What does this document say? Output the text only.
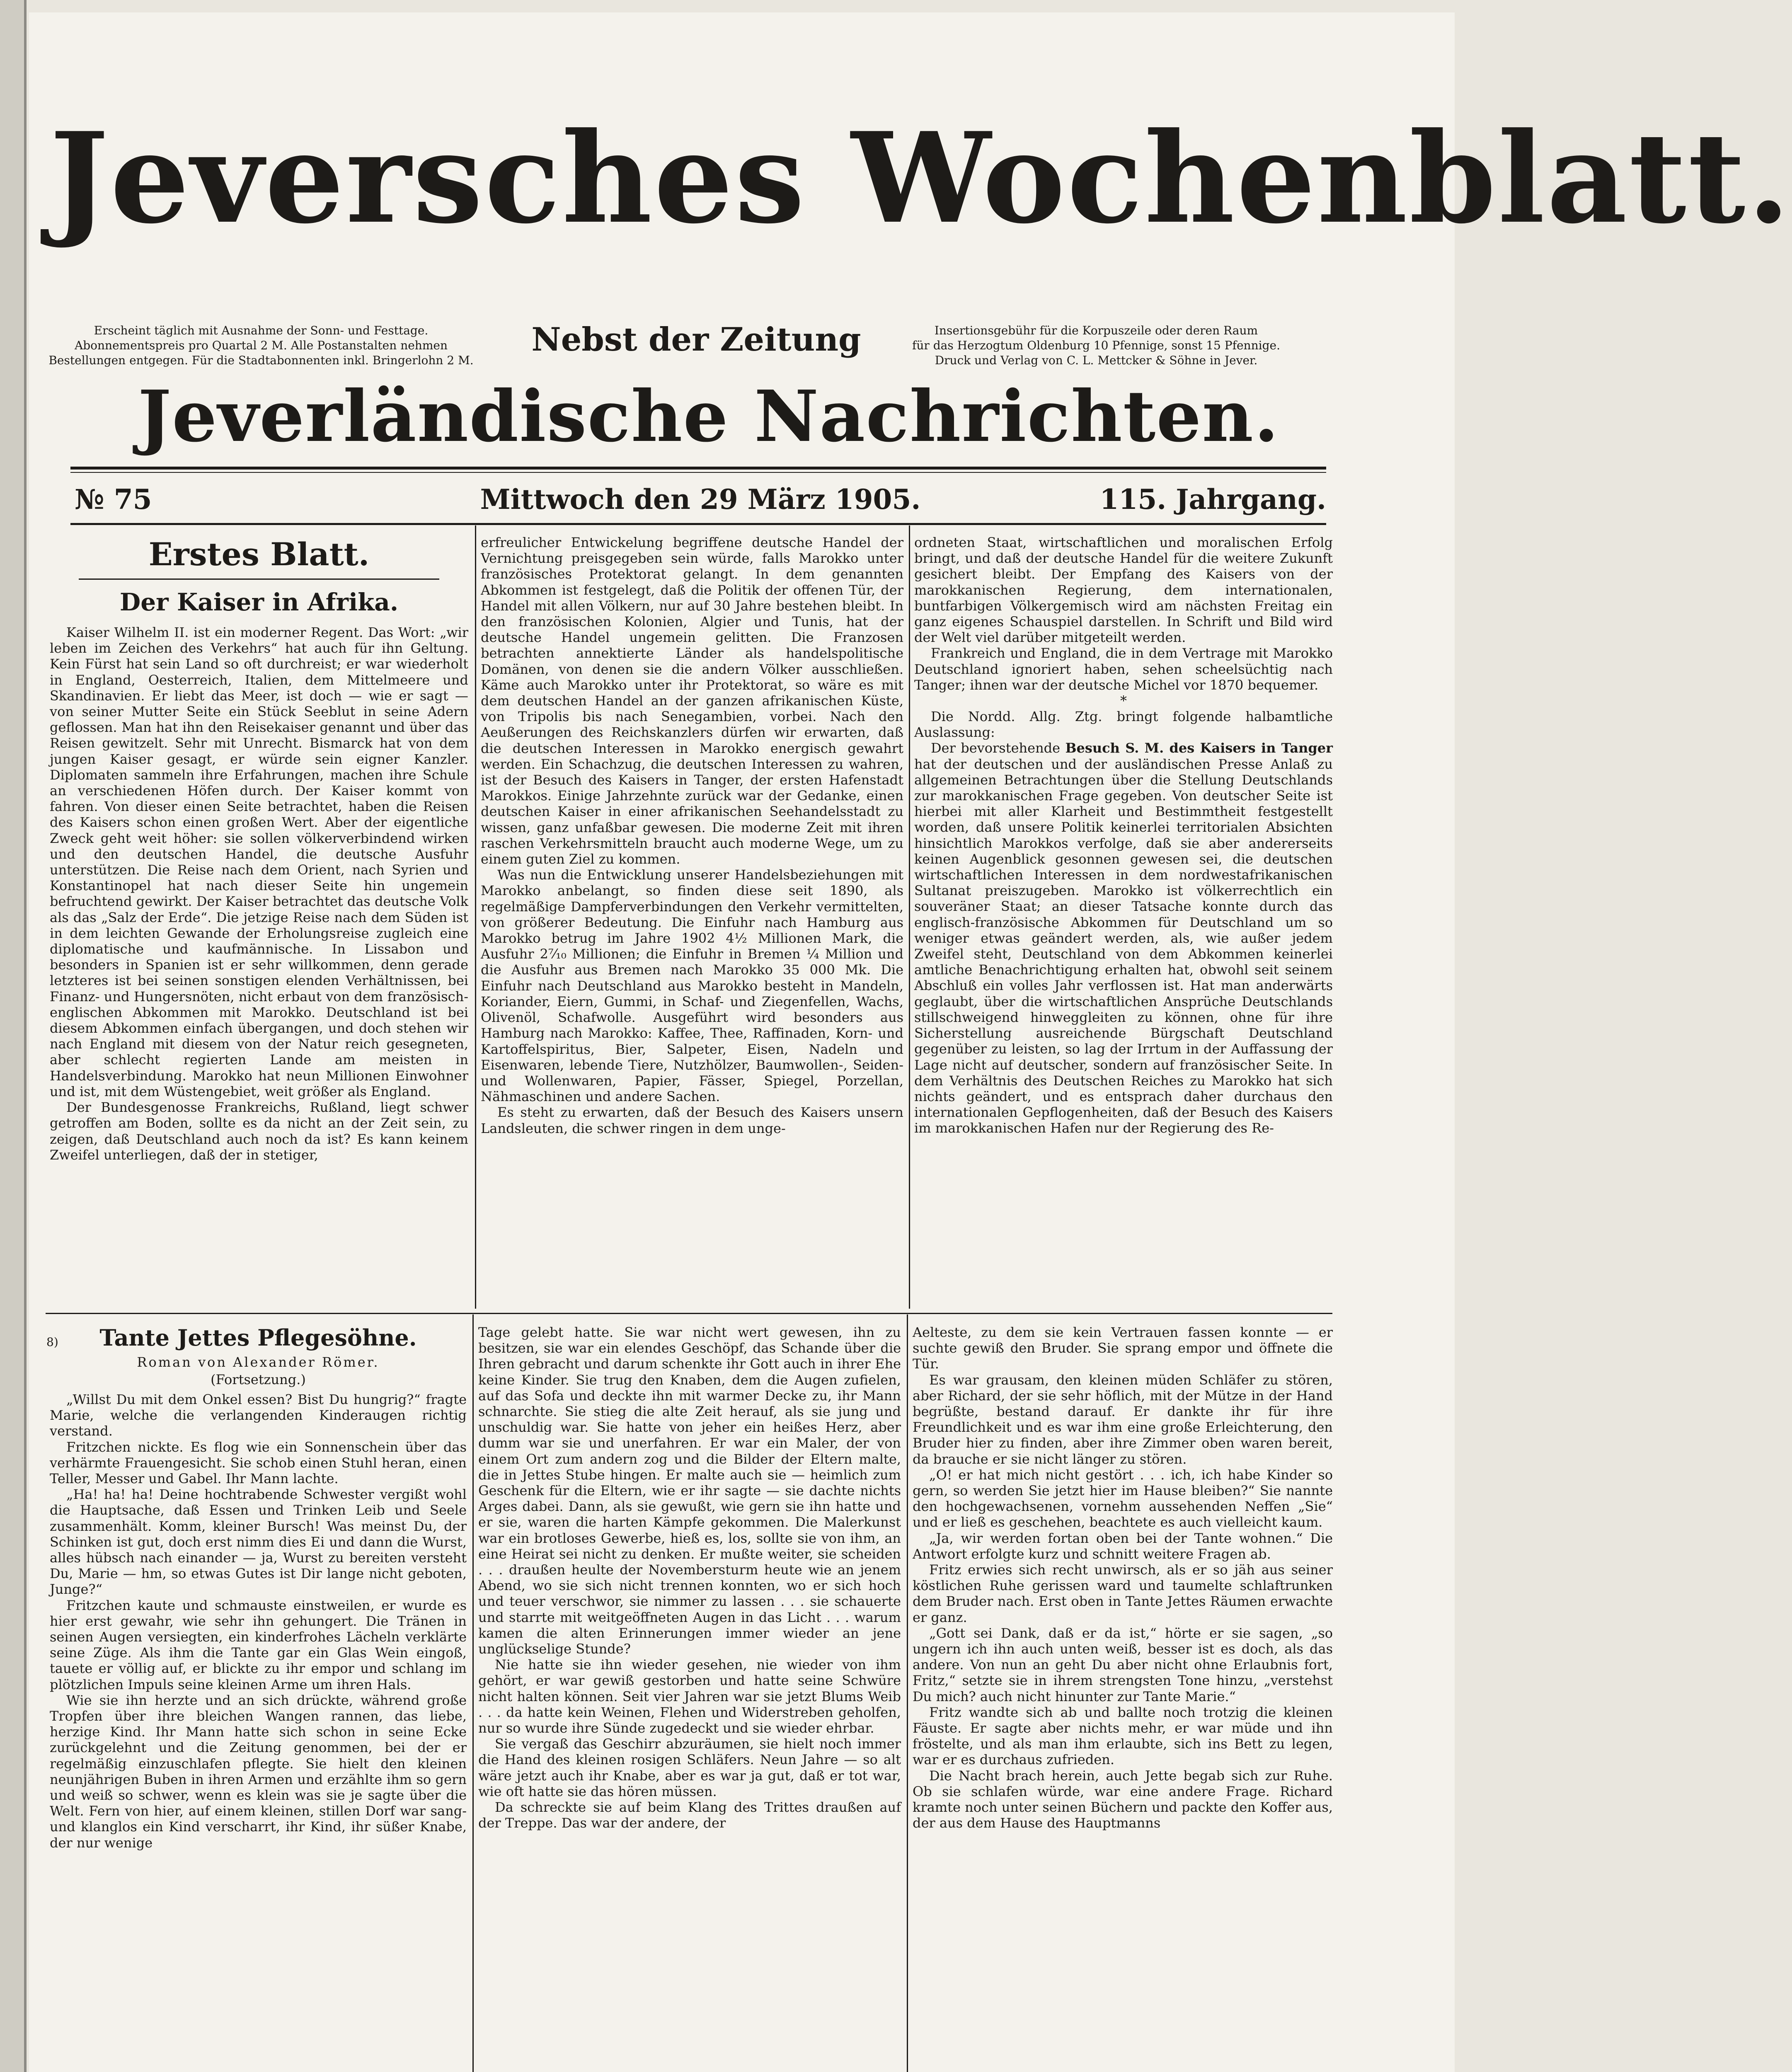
Jeversches Wochenblatt.
Erscheint täglich mit Ausnahme der Sonn- und Festtage.
Abonnementspreis pro Quartal 2 M. Alle Postanstalten nehmen
Bestellungen entgegen. Für die Stadtabonnenten inkl. Bringerlohn 2 M.
Nebst der Zeitung	Insertionsgebühr für die Korpuszeile oder deren Raum
für das Herzogtum Oldenburg 10 Pfennige, sonst 15 Pfennige.
Druck und Verlag von C. L. Mettcker & Söhne in Jever.
Jeverländische Nachrichten.
№ 75	Mittwoch den 29 März 1905.	115. Jahrgang.

Erstes Blatt.

Der Kaiser in Afrika.

Kaiser Wilhelm II. ist ein moderner Regent. Das Wort: „wir leben im Zeichen des Verkehrs“ hat auch für ihn Geltung. Kein Fürst hat sein Land so oft durchreist; er war wiederholt in England, Oesterreich, Italien, dem Mittelmeere und Skandinavien. Er liebt das Meer, ist doch — wie er sagt — von seiner Mutter Seite ein Stück Seeblut in seine Adern geflossen. Man hat ihn den Reisekaiser genannt und über das Reisen gewitzelt. Sehr mit Unrecht. Bismarck hat von dem jungen Kaiser gesagt, er würde sein eigner Kanzler. Diplomaten sammeln ihre Erfahrungen, machen ihre Schule an verschiedenen Höfen durch. Der Kaiser kommt von fahren. Von dieser einen Seite betrachtet, haben die Reisen des Kaisers schon einen großen Wert. Aber der eigentliche Zweck geht weit höher: sie sollen völkerverbindend wirken und den deutschen Handel, die deutsche Ausfuhr unterstützen. Die Reise nach dem Orient, nach Syrien und Konstantinopel hat nach dieser Seite hin ungemein befruchtend gewirkt. Der Kaiser betrachtet das deutsche Volk als das „Salz der Erde“. Die jetzige Reise nach dem Süden ist in dem leichten Gewande der Erholungsreise zugleich eine diplomatische und kaufmännische. In Lissabon und besonders in Spanien ist er sehr willkommen, denn gerade letzteres ist bei seinen sonstigen elenden Verhältnissen, bei Finanz- und Hungersnöten, nicht erbaut von dem französisch-englischen Abkommen mit Marokko. Deutschland ist bei diesem Abkommen einfach übergangen, und doch stehen wir nach England mit diesem von der Natur reich gesegneten, aber schlecht regierten Lande am meisten in Handelsverbindung. Marokko hat neun Millionen Einwohner und ist, mit dem Wüstengebiet, weit größer als England.

Der Bundesgenosse Frankreichs, Rußland, liegt schwer getroffen am Boden, sollte es da nicht an der Zeit sein, zu zeigen, daß Deutschland auch noch da ist? Es kann keinem Zweifel unterliegen, daß der in stetiger,

erfreulicher Entwickelung begriffene deutsche Handel der Vernichtung preisgegeben sein würde, falls Marokko unter französisches Protektorat gelangt. In dem genannten Abkommen ist festgelegt, daß die Politik der offenen Tür, der Handel mit allen Völkern, nur auf 30 Jahre bestehen bleibt. In den französischen Kolonien, Algier und Tunis, hat der deutsche Handel ungemein gelitten. Die Franzosen betrachten annektierte Länder als handelspolitische Domänen, von denen sie die andern Völker ausschließen. Käme auch Marokko unter ihr Protektorat, so wäre es mit dem deutschen Handel an der ganzen afrikanischen Küste, von Tripolis bis nach Senegambien, vorbei. Nach den Aeußerungen des Reichskanzlers dürfen wir erwarten, daß die deutschen Interessen in Marokko energisch gewahrt werden. Ein Schachzug, die deutschen Interessen zu wahren, ist der Besuch des Kaisers in Tanger, der ersten Hafenstadt Marokkos. Einige Jahrzehnte zurück war der Gedanke, einen deutschen Kaiser in einer afrikanischen Seehandelsstadt zu wissen, ganz unfaßbar gewesen. Die moderne Zeit mit ihren raschen Verkehrsmitteln braucht auch moderne Wege, um zu einem guten Ziel zu kommen.

Was nun die Entwicklung unserer Handelsbeziehungen mit Marokko anbelangt, so finden diese seit 1890, als regelmäßige Dampferverbindungen den Verkehr vermittelten, von größerer Bedeutung. Die Einfuhr nach Hamburg aus Marokko betrug im Jahre 1902 4½ Millionen Mark, die Ausfuhr 2⁷⁄₁₀ Millionen; die Einfuhr in Bremen ¼ Million und die Ausfuhr aus Bremen nach Marokko 35 000 Mk. Die Einfuhr nach Deutschland aus Marokko besteht in Mandeln, Koriander, Eiern, Gummi, in Schaf- und Ziegenfellen, Wachs, Olivenöl, Schafwolle. Ausgeführt wird besonders aus Hamburg nach Marokko: Kaffee, Thee, Raffinaden, Korn- und Kartoffelspiritus, Bier, Salpeter, Eisen, Nadeln und Eisenwaren, lebende Tiere, Nutzhölzer, Baumwollen-, Seiden- und Wollenwaren, Papier, Fässer, Spiegel, Porzellan, Nähmaschinen und andere Sachen.

Es steht zu erwarten, daß der Besuch des Kaisers unsern Landsleuten, die schwer ringen in dem unge-

ordneten Staat, wirtschaftlichen und moralischen Erfolg bringt, und daß der deutsche Handel für die weitere Zukunft gesichert bleibt. Der Empfang des Kaisers von der marokkanischen Regierung, dem internationalen, buntfarbigen Völkergemisch wird am nächsten Freitag ein ganz eigenes Schauspiel darstellen. In Schrift und Bild wird der Welt viel darüber mitgeteilt werden.

Frankreich und England, die in dem Vertrage mit Marokko Deutschland ignoriert haben, sehen scheelsüchtig nach Tanger; ihnen war der deutsche Michel vor 1870 bequemer.

*

Die Nordd. Allg. Ztg. bringt folgende halbamtliche Auslassung:

Der bevorstehende Besuch S. M. des Kaisers in Tanger hat der deutschen und der ausländischen Presse Anlaß zu allgemeinen Betrachtungen über die Stellung Deutschlands zur marokkanischen Frage gegeben. Von deutscher Seite ist hierbei mit aller Klarheit und Bestimmtheit festgestellt worden, daß unsere Politik keinerlei territorialen Absichten hinsichtlich Marokkos verfolge, daß sie aber andererseits keinen Augenblick gesonnen gewesen sei, die deutschen wirtschaftlichen Interessen in dem nordwestafrikanischen Sultanat preiszugeben. Marokko ist völkerrechtlich ein souveräner Staat; an dieser Tatsache konnte durch das englisch-französische Abkommen für Deutschland um so weniger etwas geändert werden, als, wie außer jedem Zweifel steht, Deutschland von dem Abkommen keinerlei amtliche Benachrichtigung erhalten hat, obwohl seit seinem Abschluß ein volles Jahr verflossen ist. Hat man anderwärts geglaubt, über die wirtschaftlichen Ansprüche Deutschlands stillschweigend hinweggleiten zu können, ohne für ihre Sicherstellung ausreichende Bürgschaft Deutschland gegenüber zu leisten, so lag der Irrtum in der Auffassung der Lage nicht auf deutscher, sondern auf französischer Seite. In dem Verhältnis des Deutschen Reiches zu Marokko hat sich nichts geändert, und es entsprach daher durchaus den internationalen Gepflogenheiten, daß der Besuch des Kaisers im marokkanischen Hafen nur der Regierung des Re-

8)	Tante Jettes Pflegesöhne.

Roman von Alexander Römer.

(Fortsetzung.)

„Willst Du mit dem Onkel essen? Bist Du hungrig?“ fragte Marie, welche die verlangenden Kinderaugen richtig verstand.

Fritzchen nickte. Es flog wie ein Sonnenschein über das verhärmte Frauengesicht. Sie schob einen Stuhl heran, einen Teller, Messer und Gabel. Ihr Mann lachte.

„Ha! ha! ha! Deine hochtrabende Schwester vergißt wohl die Hauptsache, daß Essen und Trinken Leib und Seele zusammenhält. Komm, kleiner Bursch! Was meinst Du, der Schinken ist gut, doch erst nimm dies Ei und dann die Wurst, alles hübsch nach einander — ja, Wurst zu bereiten versteht Du, Marie — hm, so etwas Gutes ist Dir lange nicht geboten, Junge?“

Fritzchen kaute und schmauste einstweilen, er wurde es hier erst gewahr, wie sehr ihn gehungert. Die Tränen in seinen Augen versiegten, ein kinderfrohes Lächeln verklärte seine Züge. Als ihm die Tante gar ein Glas Wein eingoß, tauete er völlig auf, er blickte zu ihr empor und schlang im plötzlichen Impuls seine kleinen Arme um ihren Hals.

Wie sie ihn herzte und an sich drückte, während große Tropfen über ihre bleichen Wangen rannen, das liebe, herzige Kind. Ihr Mann hatte sich schon in seine Ecke zurückgelehnt und die Zeitung genommen, bei der er regelmäßig einzuschlafen pflegte. Sie hielt den kleinen neunjährigen Buben in ihren Armen und erzählte ihm so gern und weiß so schwer, wenn es klein was sie je sagte über die Welt. Fern von hier, auf einem kleinen, stillen Dorf war sang- und klanglos ein Kind verscharrt, ihr Kind, ihr süßer Knabe, der nur wenige

Tage gelebt hatte. Sie war nicht wert gewesen, ihn zu besitzen, sie war ein elendes Geschöpf, das Schande über die Ihren gebracht und darum schenkte ihr Gott auch in ihrer Ehe keine Kinder. Sie trug den Knaben, dem die Augen zufielen, auf das Sofa und deckte ihn mit warmer Decke zu, ihr Mann schnarchte. Sie stieg die alte Zeit herauf, als sie jung und unschuldig war. Sie hatte von jeher ein heißes Herz, aber dumm war sie und unerfahren. Er war ein Maler, der von einem Ort zum andern zog und die Bilder der Eltern malte, die in Jettes Stube hingen. Er malte auch sie — heimlich zum Geschenk für die Eltern, wie er ihr sagte — sie dachte nichts Arges dabei. Dann, als sie gewußt, wie gern sie ihn hatte und er sie, waren die harten Kämpfe gekommen. Die Malerkunst war ein brotloses Gewerbe, hieß es, los, sollte sie von ihm, an eine Heirat sei nicht zu denken. Er mußte weiter, sie scheiden . . . draußen heulte der Novembersturm heute wie an jenem Abend, wo sie sich nicht trennen konnten, wo er sich hoch und teuer verschwor, sie nimmer zu lassen . . . sie schauerte und starrte mit weitgeöffneten Augen in das Licht . . . warum kamen die alten Erinnerungen immer wieder an jene unglückselige Stunde?

Nie hatte sie ihn wieder gesehen, nie wieder von ihm gehört, er war gewiß gestorben und hatte seine Schwüre nicht halten können. Seit vier Jahren war sie jetzt Blums Weib . . . da hatte kein Weinen, Flehen und Widerstreben geholfen, nur so wurde ihre Sünde zugedeckt und sie wieder ehrbar.

Sie vergaß das Geschirr abzuräumen, sie hielt noch immer die Hand des kleinen rosigen Schläfers. Neun Jahre — so alt wäre jetzt auch ihr Knabe, aber es war ja gut, daß er tot war, wie oft hatte sie das hören müssen.

Da schreckte sie auf beim Klang des Trittes draußen auf der Treppe. Das war der andere, der

Aelteste, zu dem sie kein Vertrauen fassen konnte — er suchte gewiß den Bruder. Sie sprang empor und öffnete die Tür.

Es war grausam, den kleinen müden Schläfer zu stören, aber Richard, der sie sehr höflich, mit der Mütze in der Hand begrüßte, bestand darauf. Er dankte ihr für ihre Freundlichkeit und es war ihm eine große Erleichterung, den Bruder hier zu finden, aber ihre Zimmer oben waren bereit, da brauche er sie nicht länger zu stören.

„O! er hat mich nicht gestört . . . ich, ich habe Kinder so gern, so werden Sie jetzt hier im Hause bleiben?“ Sie nannte den hochgewachsenen, vornehm aussehenden Neffen „Sie“ und er ließ es geschehen, beachtete es auch vielleicht kaum.

„Ja, wir werden fortan oben bei der Tante wohnen.“ Die Antwort erfolgte kurz und schnitt weitere Fragen ab.

Fritz erwies sich recht unwirsch, als er so jäh aus seiner köstlichen Ruhe gerissen ward und taumelte schlaftrunken dem Bruder nach. Erst oben in Tante Jettes Räumen erwachte er ganz.

„Gott sei Dank, daß er da ist,“ hörte er sie sagen, „so ungern ich ihn auch unten weiß, besser ist es doch, als das andere. Von nun an geht Du aber nicht ohne Erlaubnis fort, Fritz,“ setzte sie in ihrem strengsten Tone hinzu, „verstehst Du mich? auch nicht hinunter zur Tante Marie.“

Fritz wandte sich ab und ballte noch trotzig die kleinen Fäuste. Er sagte aber nichts mehr, er war müde und ihn fröstelte, und als man ihm erlaubte, sich ins Bett zu legen, war er es durchaus zufrieden.

Die Nacht brach herein, auch Jette begab sich zur Ruhe. Ob sie schlafen würde, war eine andere Frage. Richard kramte noch unter seinen Büchern und packte den Koffer aus, der aus dem Hause des Hauptmanns
